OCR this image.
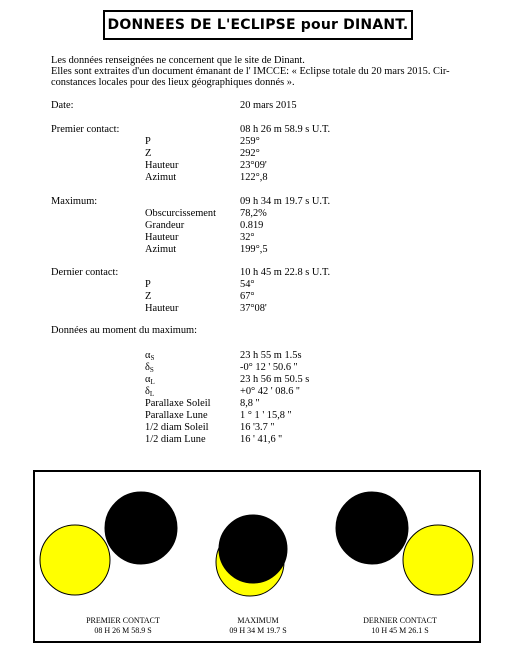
DONNEES DE L'ECLIPSE pour DINANT.
Les données renseignées ne concernent que le site de Dinant.
Elles sont extraites d'un document émanant de l' IMCCE: « Eclipse totale du 20 mars 2015. Cir-
constances locales pour des lieux géographiques donnés ».
Date:	20 mars 2015
Premier contact:	08 h 26 m 58.9 s U.T.
P	259°
Z	292°
Hauteur	23°09'
Azimut	122°,8
Maximum:	09 h 34 m 19.7 s U.T.
Obscurcissement 78,2%
Grandeur	0.819
Hauteur	32°
Azimut	199°,5
Dernier contact:	10 h 45 m 22.8 s U.T.
P	54°
Z	67°
Hauteur	37°08'
Données au moment du maximum:
$\alpha_S$	23 h 55 m 1.5s
$\delta_S$	-0° 12 ' 50.6 ''
$\alpha_L$	23 h 56 m 50.5 s
$\delta_L$	+0° 42 ' 08.6 ''
Parallaxe Soleil	8,8 ''
Parallaxe Lune	1 ° 1 ' 15,8 ''
1/2 diam Soleil	16 '3.7 ''
1/2 diam Lune	16 ' 41,6 ''
PREMIER CONTACT
08 H 26 M 58.9 S
MAXIMUM
09 H 34 M 19.7 S
DERNIER CONTACT
10 H 45 M 26.1 S
